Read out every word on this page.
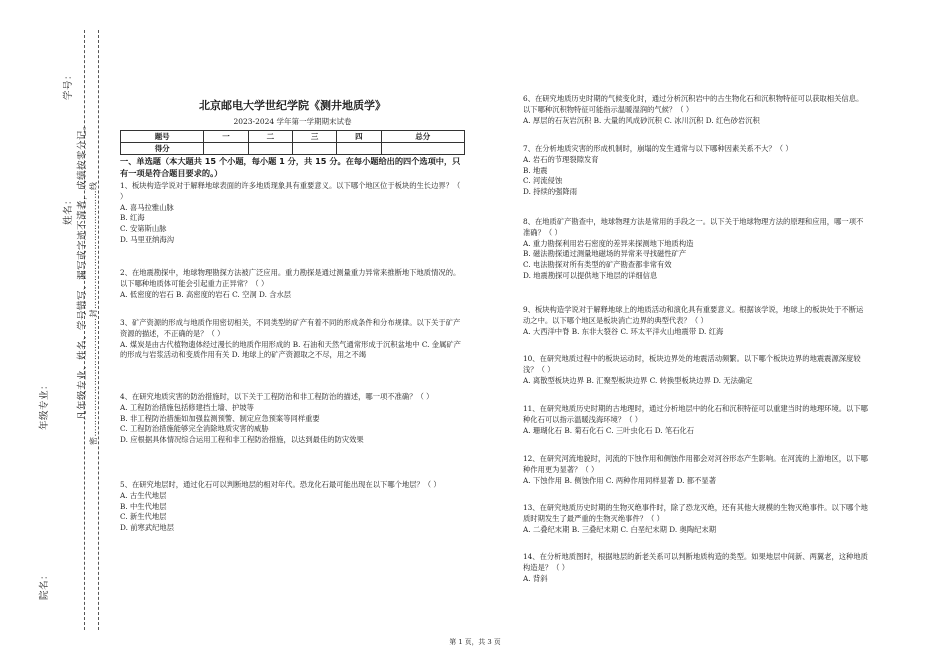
院名：
年级专业：
姓名：
学号：
凡年级专业、姓名、学号错写、漏写或字迹不清者，成绩按零分记。 密……………………………………封……………………………………线
北京邮电大学世纪学院《测井地质学》
2023-2024 学年第一学期期末试卷
题号	一	二	三	四	总分
得分					
一、单选题（本大题共 15 个小题，每小题 1 分，共 15 分。在每小题给出的四个选项中，只有一项是符合题目要求的。）

1、板块构造学说对于解释地球表面的许多地质现象具有重要意义。以下哪个地区位于板块的生长边界？（ ）

A. 喜马拉雅山脉

B. 红海

C. 安第斯山脉

D. 马里亚纳海沟

2、在地震勘探中，地球物理勘探方法被广泛应用。重力勘探是通过测量重力异常来推断地下地质情况的。以下哪种地质体可能会引起重力正异常？（ ）

A. 低密度的岩石 B. 高密度的岩石 C. 空洞 D. 含水层

3、矿产资源的形成与地质作用密切相关，不同类型的矿产有着不同的形成条件和分布规律。以下关于矿产资源的描述，不正确的是？（ ）

A. 煤炭是由古代植物遗体经过漫长的地质作用形成的 B. 石油和天然气通常形成于沉积盆地中 C. 金属矿产的形成与岩浆活动和变质作用有关 D. 地球上的矿产资源取之不尽，用之不竭

4、在研究地质灾害的防治措施时，以下关于工程防治和非工程防治的描述，哪一项不准确？（ ）

A. 工程防治措施包括修建挡土墙、护坡等

B. 非工程防治措施如加强监测预警、制定应急预案等同样重要

C. 工程防治措施能够完全消除地质灾害的威胁

D. 应根据具体情况综合运用工程和非工程防治措施，以达到最佳的防灾效果

5、在研究地层时，通过化石可以判断地层的相对年代。恐龙化石最可能出现在以下哪个地层？（ ）

A. 古生代地层

B. 中生代地层

C. 新生代地层

D. 前寒武纪地层

6、在研究地质历史时期的气候变化时，通过分析沉积岩中的古生物化石和沉积物特征可以获取相关信息。以下哪种沉积物特征可能指示温暖湿润的气候？（ ）

A. 厚层的石灰岩沉积 B. 大量的风成砂沉积 C. 冰川沉积 D. 红色砂岩沉积

7、在分析地质灾害的形成机制时，崩塌的发生通常与以下哪种因素关系不大？（ ）

A. 岩石的节理裂隙发育

B. 地震

C. 河流侵蚀

D. 持续的强降雨

8、在地质矿产勘查中，地球物理方法是常用的手段之一。以下关于地球物理方法的原理和应用，哪一项不准确？（ ）

A. 重力勘探利用岩石密度的差异来探测地下地质构造

B. 磁法勘探通过测量地磁场的异常来寻找磁性矿产

C. 电法勘探对所有类型的矿产勘查都非常有效

D. 地震勘探可以提供地下地层的详细信息

9、板块构造学说对于解释地球上的地质活动和演化具有重要意义。根据该学说，地球上的板块处于不断运动之中。以下哪个地区是板块消亡边界的典型代表？（ ）

A. 大西洋中脊 B. 东非大裂谷 C. 环太平洋火山地震带 D. 红海

10、在研究地质过程中的板块运动时，板块边界处的地震活动频繁。以下哪个板块边界的地震震源深度较浅？（ ）

A. 离散型板块边界 B. 汇聚型板块边界 C. 转换型板块边界 D. 无法确定

11、在研究地质历史时期的古地理时，通过分析地层中的化石和沉积特征可以重建当时的地理环境。以下哪种化石可以指示温暖浅海环境？（ ）

A. 珊瑚化石 B. 菊石化石 C. 三叶虫化石 D. 笔石化石

12、在研究河流地貌时，河流的下蚀作用和侧蚀作用都会对河谷形态产生影响。在河流的上游地区，以下哪种作用更为显著？（ ）

A. 下蚀作用 B. 侧蚀作用 C. 两种作用同样显著 D. 都不显著

13、在研究地质历史时期的生物灭绝事件时，除了恐龙灭绝，还有其他大规模的生物灭绝事件。以下哪个地质时期发生了最严重的生物灭绝事件？（ ）

A. 二叠纪末期 B. 三叠纪末期 C. 白垩纪末期 D. 奥陶纪末期

14、在分析地质图时，根据地层的新老关系可以判断地质构造的类型。如果地层中间新、两翼老，这种地质构造是？（ ）

A. 背斜

第 1 页，共 3 页
